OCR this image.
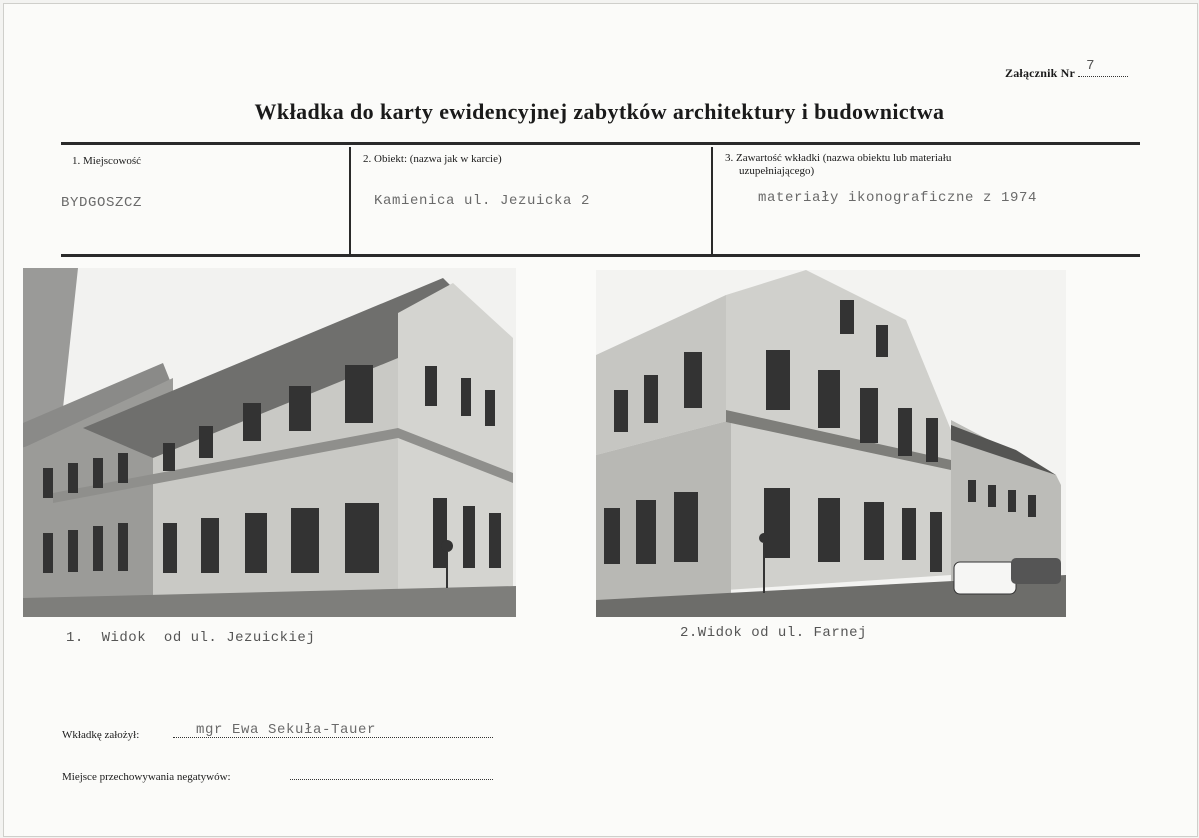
Załącznik Nr 7
Wkładka do karty ewidencyjnej zabytków architektury i budownictwa
1. Miejscowość
BYDGOSZCZ
2. Obiekt: (nazwa jak w karcie)
Kamienica ul. Jezuicka 2
3. Zawartość wkładki (nazwa obiektu lub materiału
uzupełniającego)
materiały ikonograficzne z 1974
1.  Widok  od ul. Jezuickiej	2.Widok od ul. Farnej
Wkładkę założył:	mgr Ewa Sekuła-Tauer
Miejsce przechowywania negatywów:
